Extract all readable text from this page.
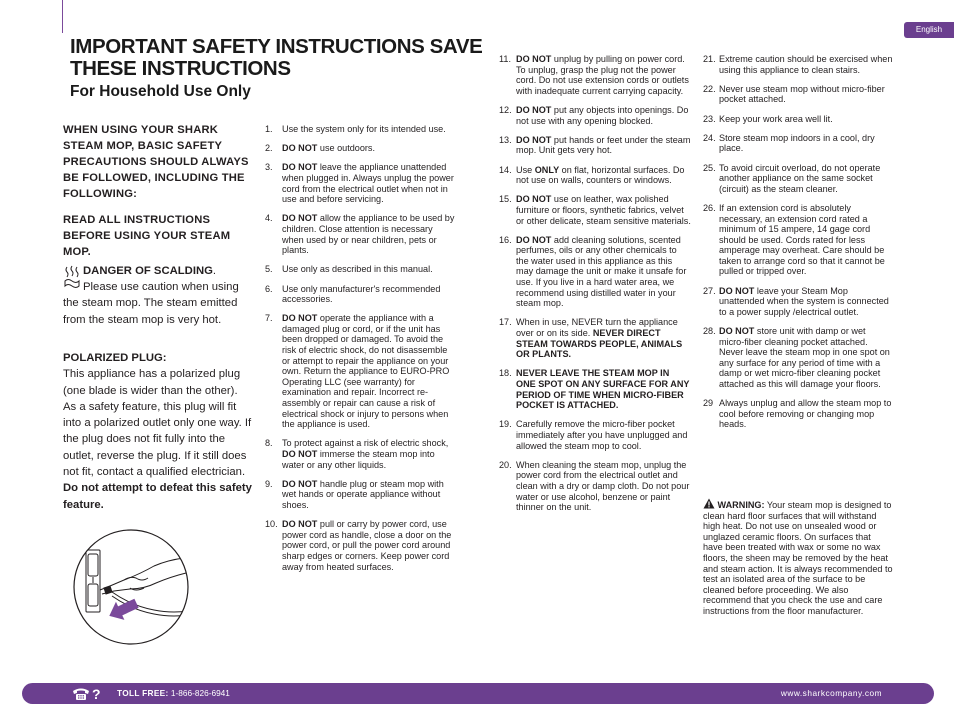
English
IMPORTANT SAFETY INSTRUCTIONS SAVE THESE INSTRUCTIONS
For Household Use Only

WHEN USING YOUR SHARK STEAM MOP, BASIC SAFETY PRECAUTIONS SHOULD ALWAYS BE FOLLOWED, INCLUDING THE FOLLOWING:

READ ALL INSTRUCTIONS BEFORE USING YOUR STEAM MOP.

DANGER OF SCALDING. Please use caution when using the steam mop. The steam emitted from the steam mop is very hot.
POLARIZED PLUG:
This appliance has a polarized plug (one blade is wider than the other). As a safety feature, this plug will fit into a polarized outlet only one way. If the plug does not fit fully into the outlet, reverse the plug. If it still does not fit, contact a qualified electrician. Do not attempt to defeat this safety feature.
1.	Use the system only for its intended use.
2.	DO NOT use outdoors.
3.	DO NOT leave the appliance unattended when plugged in. Always unplug the power cord from the electrical outlet when not in use and before servicing.
4.	DO NOT allow the appliance to be used by children. Close attention is necessary when used by or near children, pets or plants.
5.	Use only as described in this manual.
6.	Use only manufacturer's recommended accessories.
7.	DO NOT operate the appliance with a damaged plug or cord, or if the unit has been dropped or damaged. To avoid the risk of electric shock, do not disassemble or attempt to repair the appliance on your own. Return the appliance to EURO-PRO Operating LLC (see warranty) for examination and repair. Incorrect re-assembly or repair can cause a risk of electrical shock or injury to persons when the appliance is used.
8.	To protect against a risk of electric shock, DO NOT immerse the steam mop into water or any other liquids.
9.	DO NOT handle plug or steam mop with wet hands or operate appliance without shoes.
10. DO NOT pull or carry by power cord, use power cord as handle, close a door on the power cord, or pull the power cord around sharp edges or corners. Keep power cord away from heated surfaces.
11. DO NOT unplug by pulling on power cord. To unplug, grasp the plug not the power cord. Do not use extension cords or outlets with inadequate current carrying capacity.
12. DO NOT put any objects into openings. Do not use with any opening blocked.
13. DO NOT put hands or feet under the steam mop. Unit gets very hot.
14. Use ONLY on flat, horizontal surfaces. Do not use on walls, counters or windows.
15. DO NOT use on leather, wax polished furniture or floors, synthetic fabrics, velvet or other delicate, steam sensitive materials.
16. DO NOT add cleaning solutions, scented perfumes, oils or any other chemicals to the water used in this appliance as this may damage the unit or make it unsafe for use. If you live in a hard water area, we recommend using distilled water in your steam mop.
17. When in use, NEVER turn the appliance over or on its side. NEVER DIRECT STEAM TOWARDS PEOPLE, ANIMALS OR PLANTS.
18. NEVER LEAVE THE STEAM MOP IN ONE SPOT ON ANY SURFACE FOR ANY PERIOD OF TIME WHEN MICRO-FIBER POCKET IS ATTACHED.
19. Carefully remove the micro-fiber pocket immediately after you have unplugged and allowed the steam mop to cool.
20. When cleaning the steam mop, unplug the power cord from the electrical outlet and clean with a dry or damp cloth. Do not pour water or use alcohol, benzene or paint thinner on the unit.
21. Extreme caution should be exercised when using this appliance to clean stairs.
22. Never use steam mop without micro-fiber pocket attached.
23. Keep your work area well lit.
24. Store steam mop indoors in a cool, dry place.
25. To avoid circuit overload, do not operate another appliance on the same socket (circuit) as the steam cleaner.
26. If an extension cord is absolutely necessary, an extension cord rated a minimum of 15 ampere, 14 gage cord should be used. Cords rated for less amperage may overheat. Care should be taken to arrange cord so that it cannot be pulled or tripped over.
27. DO NOT leave your Steam Mop unattended when the system is connected to a power supply /electrical outlet.
28. DO NOT store unit with damp or wet micro-fiber cleaning pocket attached. Never leave the steam mop in one spot on any surface for any period of time with a damp or wet micro-fiber cleaning pocket attached as this will damage your floors.
29 Always unplug and allow the steam mop to cool before removing or changing mop heads.
WARNING: Your steam mop is designed to clean hard floor surfaces that will withstand high heat. Do not use on unsealed wood or unglazed ceramic floors. On surfaces that have been treated with wax or some no wax floors, the sheen may be removed by the heat and steam action. It is always recommended to test an isolated area of the surface to be cleaned before proceeding. We also recommend that you check the use and care instructions from the floor manufacturer.
? TOLL FREE: 1-866-826-6941	www.sharkcompany.com
